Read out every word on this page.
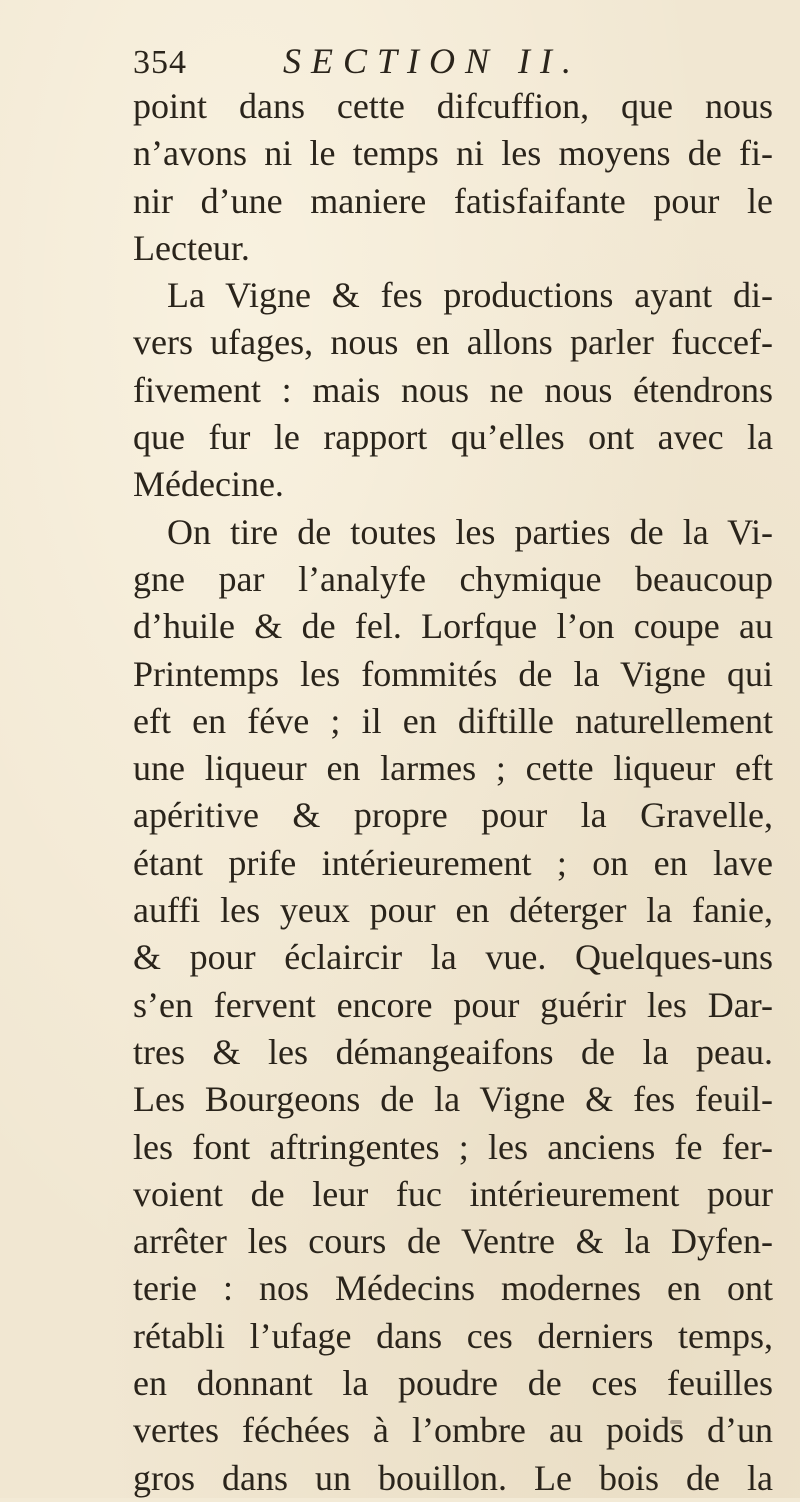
354	SECTION II.
point dans cette difcuffion, que nous
n’avons ni le temps ni les moyens de fi-
nir d’une maniere fatisfaifante pour le
Lecteur.
La Vigne & fes productions ayant di-
vers ufages, nous en allons parler fuccef-
fivement : mais nous ne nous étendrons
que fur le rapport qu’elles ont avec la
Médecine.
On tire de toutes les parties de la Vi-
gne par l’analyfe chymique beaucoup
d’huile & de fel. Lorfque l’on coupe au
Printemps les fommités de la Vigne qui
eft en féve ; il en diftille naturellement
une liqueur en larmes ; cette liqueur eft
apéritive & propre pour la Gravelle,
étant prife intérieurement ; on en lave
auffi les yeux pour en déterger la fanie,
& pour éclaircir la vue. Quelques-uns
s’en fervent encore pour guérir les Dar-
tres & les démangeaifons de la peau.
Les Bourgeons de la Vigne & fes feuil-
les font aftringentes ; les anciens fe fer-
voient de leur fuc intérieurement pour
arrêter les cours de Ventre & la Dyfen-
terie : nos Médecins modernes en ont
rétabli l’ufage dans ces derniers temps,
en donnant la poudre de ces feuilles
vertes féchées à l’ombre au poids d’un
gros dans un bouillon. Le bois de la
